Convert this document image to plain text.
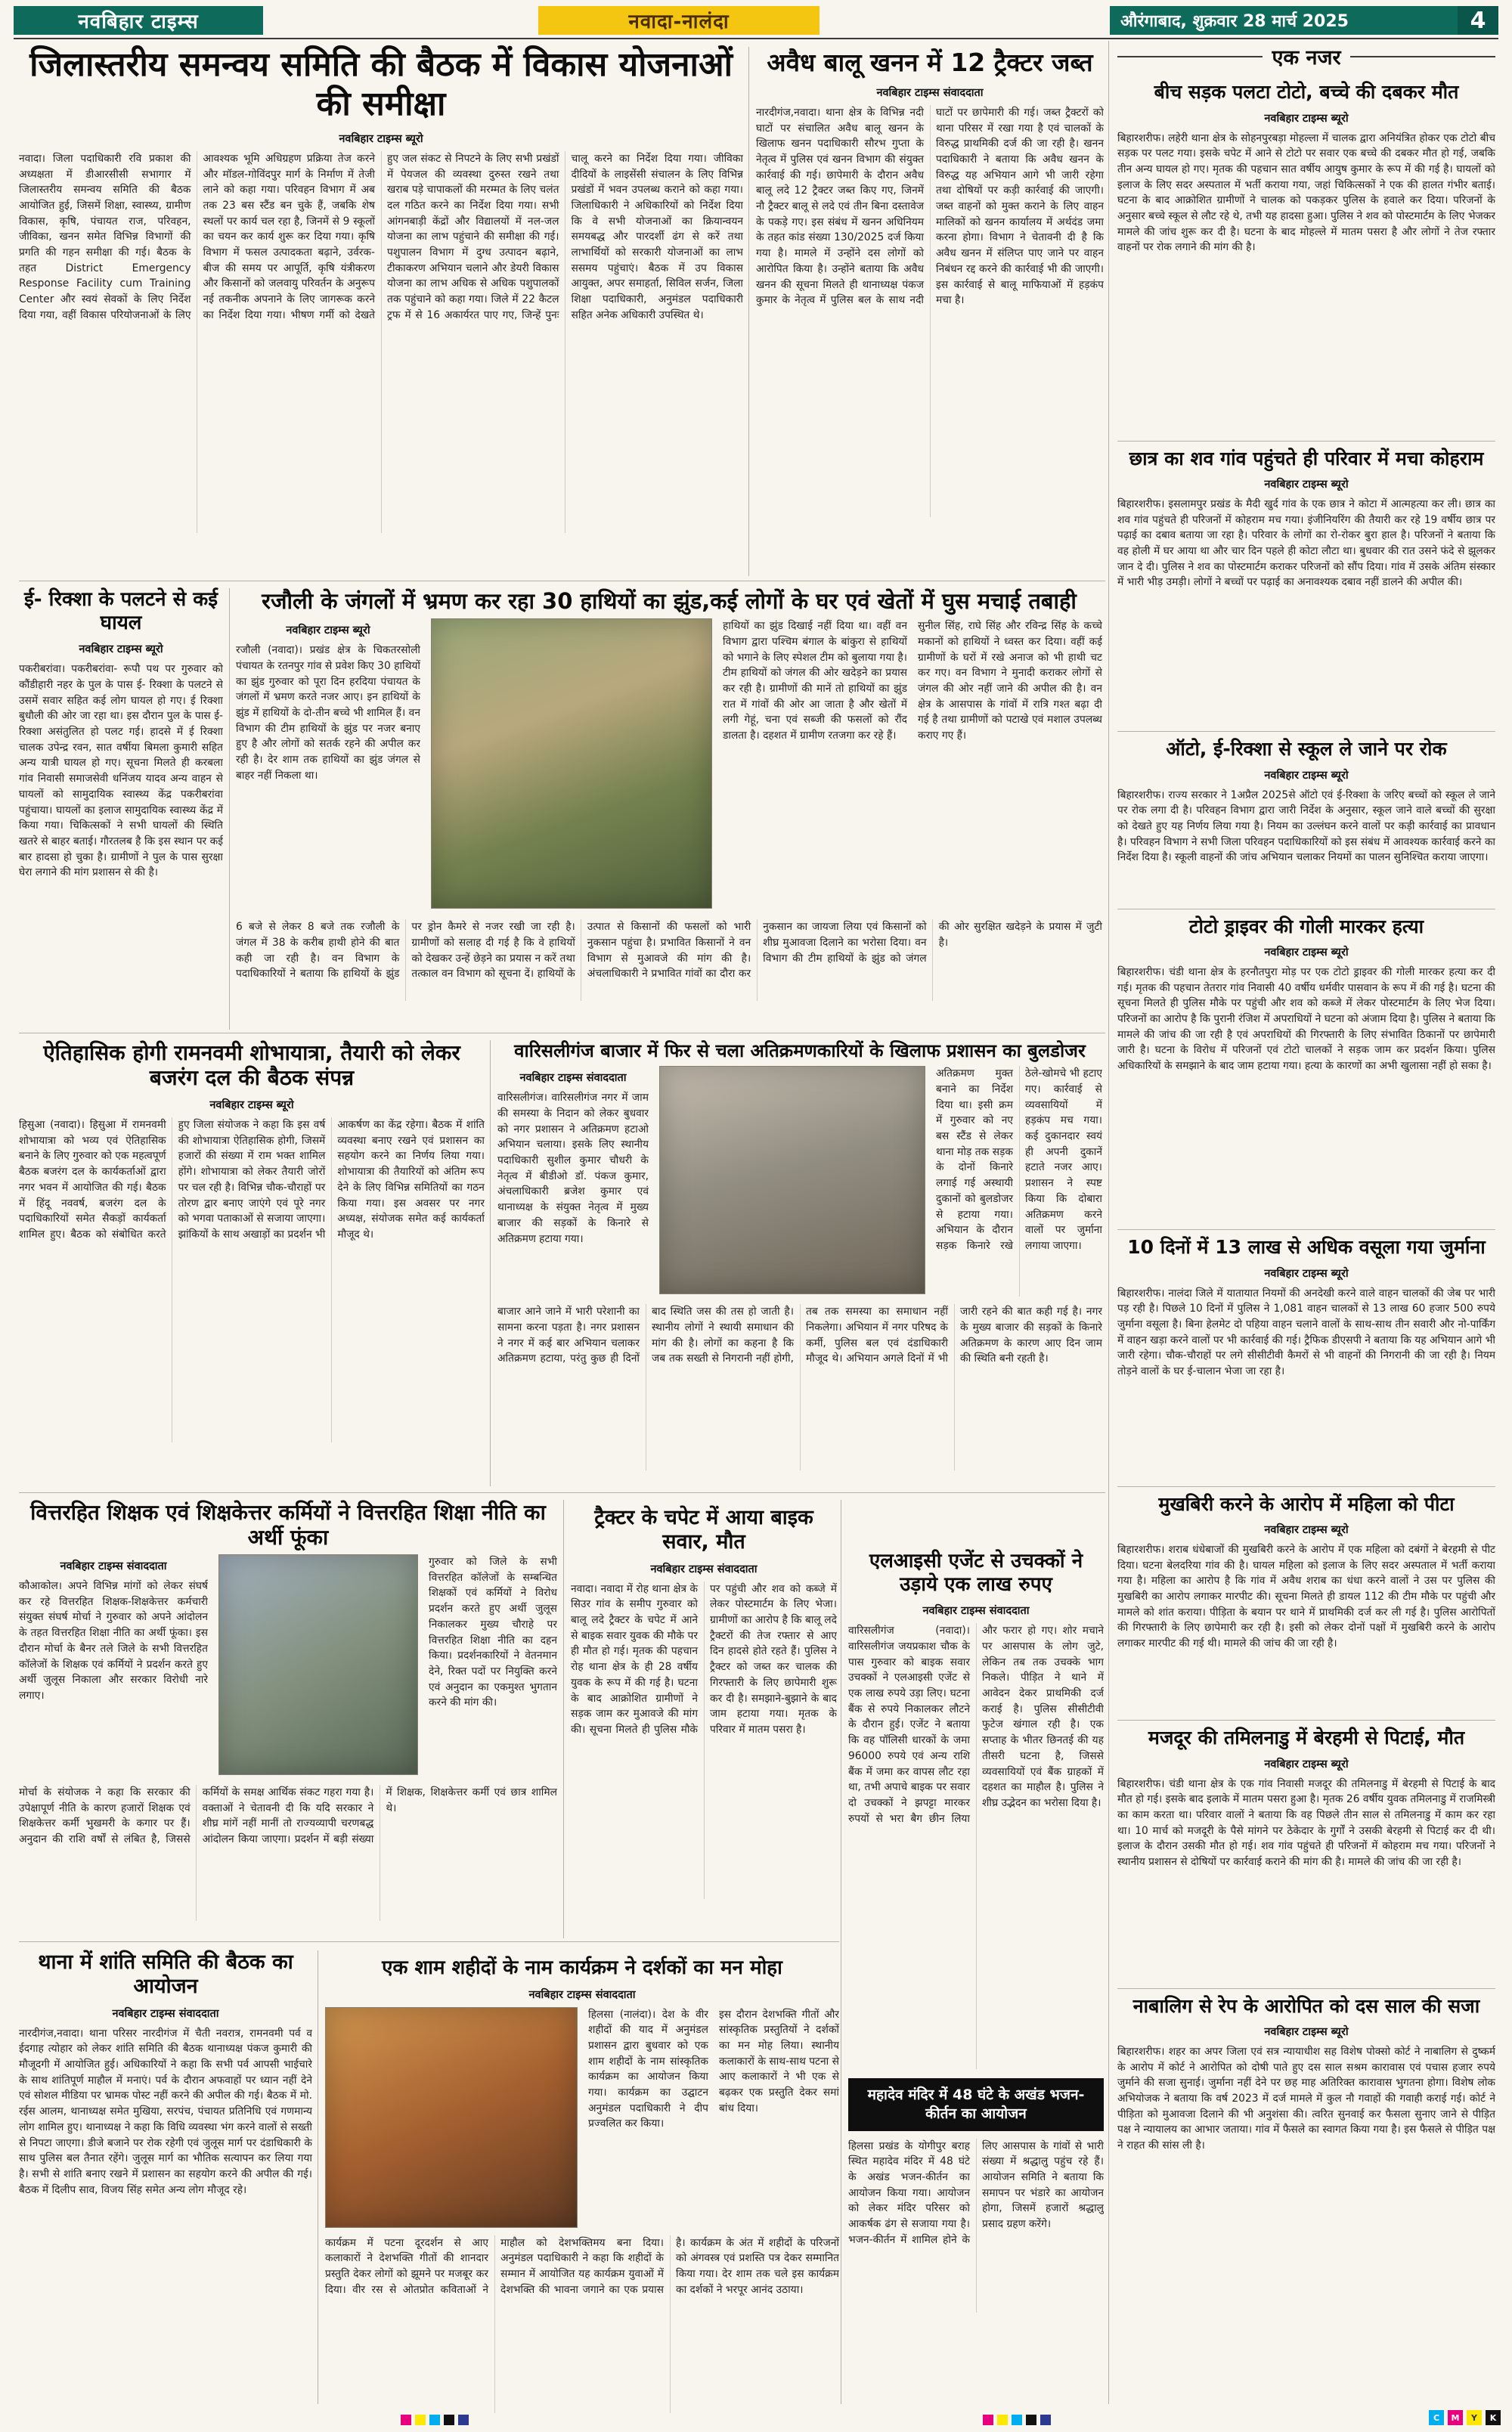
नवबिहार टाइम्स	नवादा-नालंदा	औरंगाबाद, शुक्रवार 28 मार्च 2025	4
जिलास्तरीय समन्वय समिति की बैठक में विकास योजनाओं की समीक्षा
नवबिहार टाइम्स ब्यूरो
नवादा। जिला पदाधिकारी रवि प्रकाश की अध्यक्षता में डीआरसीसी सभागार में जिलास्तरीय समन्वय समिति की बैठक आयोजित हुई, जिसमें शिक्षा, स्वास्थ्य, ग्रामीण विकास, कृषि, पंचायत राज, परिवहन, जीविका, खनन समेत विभिन्न विभागों की प्रगति की गहन समीक्षा की गई। बैठक के तहत District Emergency Response Facility cum Training Center और स्वयं सेवकों के लिए निर्देश दिया गया, वहीं विकास परियोजनाओं के लिए आवश्यक भूमि अधिग्रहण प्रक्रिया तेज करने और मॉडल-गोविंदपुर मार्ग के निर्माण में तेजी लाने को कहा गया। परिवहन विभाग में अब तक 23 बस स्टैंड बन चुके हैं, जबकि शेष स्थलों पर कार्य चल रहा है, जिनमें से 9 स्कूलों का चयन कर कार्य शुरू कर दिया गया। कृषि विभाग में फसल उत्पादकता बढ़ाने, उर्वरक-बीज की समय पर आपूर्ति, कृषि यंत्रीकरण और किसानों को जलवायु परिवर्तन के अनुरूप नई तकनीक अपनाने के लिए जागरूक करने का निर्देश दिया गया। भीषण गर्मी को देखते हुए जल संकट से निपटने के लिए सभी प्रखंडों में पेयजल की व्यवस्था दुरुस्त रखने तथा खराब पड़े चापाकलों की मरम्मत के लिए चलंत दल गठित करने का निर्देश दिया गया। सभी आंगनबाड़ी केंद्रों और विद्यालयों में नल-जल योजना का लाभ पहुंचाने की समीक्षा की गई। पशुपालन विभाग में दुग्ध उत्पादन बढ़ाने, टीकाकरण अभियान चलाने और डेयरी विकास योजना का लाभ अधिक से अधिक पशुपालकों तक पहुंचाने को कहा गया। जिले में 22 कैटल ट्रफ में से 16 अकार्यरत पाए गए, जिन्हें पुनः चालू करने का निर्देश दिया गया। जीविका दीदियों के लाइसेंसी संचालन के लिए विभिन्न प्रखंडों में भवन उपलब्ध कराने को कहा गया। जिलाधिकारी ने अधिकारियों को निर्देश दिया कि वे सभी योजनाओं का क्रियान्वयन समयबद्ध और पारदर्शी ढंग से करें तथा लाभार्थियों को सरकारी योजनाओं का लाभ ससमय पहुंचाएं। बैठक में उप विकास आयुक्त, अपर समाहर्ता, सिविल सर्जन, जिला शिक्षा पदाधिकारी, अनुमंडल पदाधिकारी सहित अनेक अधिकारी उपस्थित थे।
अवैध बालू खनन में 12 ट्रैक्टर जब्त
नवबिहार टाइम्स संवाददाता
नारदीगंज,नवादा। थाना क्षेत्र के विभिन्न नदी घाटों पर संचालित अवैध बालू खनन के खिलाफ खनन पदाधिकारी सौरभ गुप्ता के नेतृत्व में पुलिस एवं खनन विभाग की संयुक्त कार्रवाई की गई। छापेमारी के दौरान अवैध बालू लदे 12 ट्रैक्टर जब्त किए गए, जिनमें नौ ट्रैक्टर बालू से लदे एवं तीन बिना दस्तावेज के पकड़े गए। इस संबंध में खनन अधिनियम के तहत कांड संख्या 130/2025 दर्ज किया गया है। मामले में उन्होंने दस लोगों को आरोपित किया है। उन्होंने बताया कि अवैध खनन की सूचना मिलते ही थानाध्यक्ष पंकज कुमार के नेतृत्व में पुलिस बल के साथ नदी घाटों पर छापेमारी की गई। जब्त ट्रैक्टरों को थाना परिसर में रखा गया है एवं चालकों के विरुद्ध प्राथमिकी दर्ज की जा रही है। खनन पदाधिकारी ने बताया कि अवैध खनन के विरुद्ध यह अभियान आगे भी जारी रहेगा तथा दोषियों पर कड़ी कार्रवाई की जाएगी। जब्त वाहनों को मुक्त कराने के लिए वाहन मालिकों को खनन कार्यालय में अर्थदंड जमा करना होगा। विभाग ने चेतावनी दी है कि अवैध खनन में संलिप्त पाए जाने पर वाहन निबंधन रद्द करने की कार्रवाई भी की जाएगी। इस कार्रवाई से बालू माफियाओं में हड़कंप मचा है।
ई- रिक्शा के पलटने से कई घायल
नवबिहार टाइम्स ब्यूरो
पकरीबरांवा। पकरीबरांवा- रूपौ पथ पर गुरुवार को कौंडीहारी नहर के पुल के पास ई- रिक्शा के पलटने से उसमें सवार सहित कई लोग घायल हो गए। ई रिक्शा बुधौली की ओर जा रहा था। इस दौरान पुल के पास ई-रिक्शा असंतुलित हो पलट गई। हादसे में ई रिक्शा चालक उपेन्द्र रवन, सात वर्षीया बिमला कुमारी सहित अन्य यात्री घायल हो गए। सूचना मिलते ही करबला गांव निवासी समाजसेवी धनिंजय यादव अन्य वाहन से घायलों को सामुदायिक स्वास्थ्य केंद्र पकरीबरांवा पहुंचाया। घायलों का इलाज सामुदायिक स्वास्थ्य केंद्र में किया गया। चिकित्सकों ने सभी घायलों की स्थिति खतरे से बाहर बताई। गौरतलब है कि इस स्थान पर कई बार हादसा हो चुका है। ग्रामीणों ने पुल के पास सुरक्षा घेरा लगाने की मांग प्रशासन से की है।
रजौली के जंगलों में भ्रमण कर रहा 30 हाथियों का झुंड,कई लोगों के घर एवं खेतों में घुस मचाई तबाही
नवबिहार टाइम्स ब्यूरो
रजौली (नवादा)। प्रखंड क्षेत्र के चिकतरसोली पंचायत के रतनपुर गांव से प्रवेश किए 30 हाथियों का झुंड गुरुवार को पूरा दिन हरदिया पंचायत के जंगलों में भ्रमण करते नजर आए। इन हाथियों के झुंड में हाथियों के दो-तीन बच्चे भी शामिल हैं। वन विभाग की टीम हाथियों के झुंड पर नजर बनाए हुए है और लोगों को सतर्क रहने की अपील कर रही है। देर शाम तक हाथियों का झुंड जंगल से बाहर नहीं निकला था।
हाथियों का झुंड दिखाई नहीं दिया था। वहीं वन विभाग द्वारा पश्चिम बंगाल के बांकुरा से हाथियों को भगाने के लिए स्पेशल टीम को बुलाया गया है। टीम हाथियों को जंगल की ओर खदेड़ने का प्रयास कर रही है। ग्रामीणों की मानें तो हाथियों का झुंड रात में गांवों की ओर आ जाता है और खेतों में लगी गेहूं, चना एवं सब्जी की फसलों को रौंद डालता है। दहशत में ग्रामीण रतजगा कर रहे हैं।
सुनील सिंह, राघे सिंह और रविन्द्र सिंह के कच्चे मकानों को हाथियों ने ध्वस्त कर दिया। वहीं कई ग्रामीणों के घरों में रखे अनाज को भी हाथी चट कर गए। वन विभाग ने मुनादी कराकर लोगों से जंगल की ओर नहीं जाने की अपील की है। वन क्षेत्र के आसपास के गांवों में रात्रि गश्त बढ़ा दी गई है तथा ग्रामीणों को पटाखे एवं मशाल उपलब्ध कराए गए हैं।
6 बजे से लेकर 8 बजे तक रजौली के जंगल में 38 के करीब हाथी होने की बात कही जा रही है। वन विभाग के पदाधिकारियों ने बताया कि हाथियों के झुंड पर ड्रोन कैमरे से नजर रखी जा रही है। ग्रामीणों को सलाह दी गई है कि वे हाथियों को देखकर उन्हें छेड़ने का प्रयास न करें तथा तत्काल वन विभाग को सूचना दें। हाथियों के उत्पात से किसानों की फसलों को भारी नुकसान पहुंचा है। प्रभावित किसानों ने वन विभाग से मुआवजे की मांग की है। अंचलाधिकारी ने प्रभावित गांवों का दौरा कर नुकसान का जायजा लिया एवं किसानों को शीघ्र मुआवजा दिलाने का भरोसा दिया। वन विभाग की टीम हाथियों के झुंड को जंगल की ओर सुरक्षित खदेड़ने के प्रयास में जुटी है।
ऐतिहासिक होगी रामनवमी शोभायात्रा, तैयारी को लेकर बजरंग दल की बैठक संपन्न
नवबिहार टाइम्स ब्यूरो
हिसुआ (नवादा)। हिसुआ में रामनवमी शोभायात्रा को भव्य एवं ऐतिहासिक बनाने के लिए गुरुवार को एक महत्वपूर्ण बैठक बजरंग दल के कार्यकर्ताओं द्वारा नगर भवन में आयोजित की गई। बैठक में हिंदू नववर्ष, बजरंग दल के पदाधिकारियों समेत सैकड़ों कार्यकर्ता शामिल हुए। बैठक को संबोधित करते हुए जिला संयोजक ने कहा कि इस वर्ष की शोभायात्रा ऐतिहासिक होगी, जिसमें हजारों की संख्या में राम भक्त शामिल होंगे। शोभायात्रा को लेकर तैयारी जोरों पर चल रही है। विभिन्न चौक-चौराहों पर तोरण द्वार बनाए जाएंगे एवं पूरे नगर को भगवा पताकाओं से सजाया जाएगा। झांकियों के साथ अखाड़ों का प्रदर्शन भी आकर्षण का केंद्र रहेगा। बैठक में शांति व्यवस्था बनाए रखने एवं प्रशासन का सहयोग करने का निर्णय लिया गया। शोभायात्रा की तैयारियों को अंतिम रूप देने के लिए विभिन्न समितियों का गठन किया गया। इस अवसर पर नगर अध्यक्ष, संयोजक समेत कई कार्यकर्ता मौजूद थे।
वारिसलीगंज बाजार में फिर से चला अतिक्रमणकारियों के खिलाफ प्रशासन का बुलडोजर
नवबिहार टाइम्स संवाददाता
वारिसलीगंज। वारिसलीगंज नगर में जाम की समस्या के निदान को लेकर बुधवार को नगर प्रशासन ने अतिक्रमण हटाओ अभियान चलाया। इसके लिए स्थानीय पदाधिकारी सुशील कुमार चौधरी के नेतृत्व में बीडीओ डॉ. पंकज कुमार, अंचलाधिकारी ब्रजेश कुमार एवं थानाध्यक्ष के संयुक्त नेतृत्व में मुख्य बाजार की सड़कों के किनारे से अतिक्रमण हटाया गया।
अतिक्रमण मुक्त बनाने का निर्देश दिया था। इसी क्रम में गुरुवार को नए बस स्टैंड से लेकर थाना मोड़ तक सड़क के दोनों किनारे लगाई गई अस्थायी दुकानों को बुलडोजर से हटाया गया। अभियान के दौरान सड़क किनारे रखे ठेले-खोमचे भी हटाए गए। कार्रवाई से व्यवसायियों में हड़कंप मच गया। कई दुकानदार स्वयं ही अपनी दुकानें हटाते नजर आए। प्रशासन ने स्पष्ट किया कि दोबारा अतिक्रमण करने वालों पर जुर्माना लगाया जाएगा।
बाजार आने जाने में भारी परेशानी का सामना करना पड़ता है। नगर प्रशासन ने नगर में कई बार अभियान चलाकर अतिक्रमण हटाया, परंतु कुछ ही दिनों बाद स्थिति जस की तस हो जाती है। स्थानीय लोगों ने स्थायी समाधान की मांग की है। लोगों का कहना है कि जब तक सख्ती से निगरानी नहीं होगी, तब तक समस्या का समाधान नहीं निकलेगा। अभियान में नगर परिषद के कर्मी, पुलिस बल एवं दंडाधिकारी मौजूद थे। अभियान अगले दिनों में भी जारी रहने की बात कही गई है। नगर के मुख्य बाजार की सड़कों के किनारे अतिक्रमण के कारण आए दिन जाम की स्थिति बनी रहती है।
वित्तरहित शिक्षक एवं शिक्षकेत्तर कर्मियों ने वित्तरहित शिक्षा नीति का अर्थी फूंका
नवबिहार टाइम्स संवाददाता
कौआकोल। अपने विभिन्न मांगों को लेकर संघर्ष कर रहे वित्तरहित शिक्षक-शिक्षकेत्तर कर्मचारी संयुक्त संघर्ष मोर्चा ने गुरुवार को अपने आंदोलन के तहत वित्तरहित शिक्षा नीति का अर्थी फूंका। इस दौरान मोर्चा के बैनर तले जिले के सभी वित्तरहित कॉलेजों के शिक्षक एवं कर्मियों ने प्रदर्शन करते हुए अर्थी जुलूस निकाला और सरकार विरोधी नारे लगाए।
गुरुवार को जिले के सभी वित्तरहित कॉलेजों के सम्बन्धित शिक्षकों एवं कर्मियों ने विरोध प्रदर्शन करते हुए अर्थी जुलूस निकालकर मुख्य चौराहे पर वित्तरहित शिक्षा नीति का दहन किया। प्रदर्शनकारियों ने वेतनमान देने, रिक्त पदों पर नियुक्ति करने एवं अनुदान का एकमुश्त भुगतान करने की मांग की।
मोर्चा के संयोजक ने कहा कि सरकार की उपेक्षापूर्ण नीति के कारण हजारों शिक्षक एवं शिक्षकेत्तर कर्मी भुखमरी के कगार पर हैं। अनुदान की राशि वर्षों से लंबित है, जिससे कर्मियों के समक्ष आर्थिक संकट गहरा गया है। वक्ताओं ने चेतावनी दी कि यदि सरकार ने शीघ्र मांगें नहीं मानीं तो राज्यव्यापी चरणबद्ध आंदोलन किया जाएगा। प्रदर्शन में बड़ी संख्या में शिक्षक, शिक्षकेत्तर कर्मी एवं छात्र शामिल थे।
ट्रैक्टर के चपेट में आया बाइक सवार, मौत
नवबिहार टाइम्स संवाददाता
नवादा। नवादा में रोह थाना क्षेत्र के सिउर गांव के समीप गुरुवार को बालू लदे ट्रैक्टर के चपेट में आने से बाइक सवार युवक की मौके पर ही मौत हो गई। मृतक की पहचान रोह थाना क्षेत्र के ही 28 वर्षीय युवक के रूप में की गई है। घटना के बाद आक्रोशित ग्रामीणों ने सड़क जाम कर मुआवजे की मांग की। सूचना मिलते ही पुलिस मौके पर पहुंची और शव को कब्जे में लेकर पोस्टमार्टम के लिए भेजा। ग्रामीणों का आरोप है कि बालू लदे ट्रैक्टरों की तेज रफ्तार से आए दिन हादसे होते रहते हैं। पुलिस ने ट्रैक्टर को जब्त कर चालक की गिरफ्तारी के लिए छापेमारी शुरू कर दी है। समझाने-बुझाने के बाद जाम हटाया गया। मृतक के परिवार में मातम पसरा है।
एलआइसी एजेंट से उचक्कों ने उड़ाये एक लाख रुपए
नवबिहार टाइम्स संवाददाता
वारिसलीगंज (नवादा)। वारिसलीगंज जयप्रकाश चौक के पास गुरुवार को बाइक सवार उचक्कों ने एलआइसी एजेंट से एक लाख रुपये उड़ा लिए। घटना बैंक से रुपये निकालकर लौटने के दौरान हुई। एजेंट ने बताया कि वह पॉलिसी धारकों के जमा 96000 रुपये एवं अन्य राशि बैंक में जमा कर वापस लौट रहा था, तभी अपाचे बाइक पर सवार दो उचक्कों ने झपट्टा मारकर रुपयों से भरा बैग छीन लिया और फरार हो गए। शोर मचाने पर आसपास के लोग जुटे, लेकिन तब तक उचक्के भाग निकले। पीड़ित ने थाने में आवेदन देकर प्राथमिकी दर्ज कराई है। पुलिस सीसीटीवी फुटेज खंगाल रही है। एक सप्ताह के भीतर छिनतई की यह तीसरी घटना है, जिससे व्यवसायियों एवं बैंक ग्राहकों में दहशत का माहौल है। पुलिस ने शीघ्र उद्भेदन का भरोसा दिया है।
महादेव मंदिर में 48 घंटे के अखंड भजन-कीर्तन का आयोजन
हिलसा प्रखंड के योगीपुर बराह स्थित महादेव मंदिर में 48 घंटे के अखंड भजन-कीर्तन का आयोजन किया गया। आयोजन को लेकर मंदिर परिसर को आकर्षक ढंग से सजाया गया है। भजन-कीर्तन में शामिल होने के लिए आसपास के गांवों से भारी संख्या में श्रद्धालु पहुंच रहे हैं। आयोजन समिति ने बताया कि समापन पर भंडारे का आयोजन होगा, जिसमें हजारों श्रद्धालु प्रसाद ग्रहण करेंगे।
थाना में शांति समिति की बैठक का आयोजन
नवबिहार टाइम्स संवाददाता
नारदीगंज,नवादा। थाना परिसर नारदीगंज में चैती नवरात्र, रामनवमी पर्व व ईदगाह त्योहार को लेकर शांति समिति की बैठक थानाध्यक्ष पंकज कुमारी की मौजूदगी में आयोजित हुई। अधिकारियों ने कहा कि सभी पर्व आपसी भाईचारे के साथ शांतिपूर्ण माहौल में मनाएं। पर्व के दौरान अफवाहों पर ध्यान नहीं देने एवं सोशल मीडिया पर भ्रामक पोस्ट नहीं करने की अपील की गई। बैठक में मो. रईस आलम, थानाध्यक्ष समेत मुखिया, सरपंच, पंचायत प्रतिनिधि एवं गणमान्य लोग शामिल हुए। थानाध्यक्ष ने कहा कि विधि व्यवस्था भंग करने वालों से सख्ती से निपटा जाएगा। डीजे बजाने पर रोक रहेगी एवं जुलूस मार्ग पर दंडाधिकारी के साथ पुलिस बल तैनात रहेंगे। जुलूस मार्ग का भौतिक सत्यापन कर लिया गया है। सभी से शांति बनाए रखने में प्रशासन का सहयोग करने की अपील की गई। बैठक में दिलीप साव, विजय सिंह समेत अन्य लोग मौजूद रहे।
एक शाम शहीदों के नाम कार्यक्रम ने दर्शकों का मन मोहा
नवबिहार टाइम्स संवाददाता
हिलसा (नालंदा)। देश के वीर शहीदों की याद में अनुमंडल प्रशासन द्वारा बुधवार को एक शाम शहीदों के नाम सांस्कृतिक कार्यक्रम का आयोजन किया गया। कार्यक्रम का उद्घाटन अनुमंडल पदाधिकारी ने दीप प्रज्वलित कर किया।
इस दौरान देशभक्ति गीतों और सांस्कृतिक प्रस्तुतियों ने दर्शकों का मन मोह लिया। स्थानीय कलाकारों के साथ-साथ पटना से आए कलाकारों ने भी एक से बढ़कर एक प्रस्तुति देकर समां बांध दिया।
कार्यक्रम में पटना दूरदर्शन से आए कलाकारों ने देशभक्ति गीतों की शानदार प्रस्तुति देकर लोगों को झूमने पर मजबूर कर दिया। वीर रस से ओतप्रोत कविताओं ने माहौल को देशभक्तिमय बना दिया। अनुमंडल पदाधिकारी ने कहा कि शहीदों के सम्मान में आयोजित यह कार्यक्रम युवाओं में देशभक्ति की भावना जगाने का एक प्रयास है। कार्यक्रम के अंत में शहीदों के परिजनों को अंगवस्त्र एवं प्रशस्ति पत्र देकर सम्मानित किया गया। देर शाम तक चले इस कार्यक्रम का दर्शकों ने भरपूर आनंद उठाया।
एक नजर
बीच सड़क पलटा टोटो, बच्चे की दबकर मौत
नवबिहार टाइम्स ब्यूरो
बिहारशरीफ। लहेरी थाना क्षेत्र के सोहनपुरबड़ा मोहल्ला में चालक द्वारा अनियंत्रित होकर एक टोटो बीच सड़क पर पलट गया। इसके चपेट में आने से टोटो पर सवार एक बच्चे की दबकर मौत हो गई, जबकि तीन अन्य घायल हो गए। मृतक की पहचान सात वर्षीय आयुष कुमार के रूप में की गई है। घायलों को इलाज के लिए सदर अस्पताल में भर्ती कराया गया, जहां चिकित्सकों ने एक की हालत गंभीर बताई। घटना के बाद आक्रोशित ग्रामीणों ने चालक को पकड़कर पुलिस के हवाले कर दिया। परिजनों के अनुसार बच्चे स्कूल से लौट रहे थे, तभी यह हादसा हुआ। पुलिस ने शव को पोस्टमार्टम के लिए भेजकर मामले की जांच शुरू कर दी है। घटना के बाद मोहल्ले में मातम पसरा है और लोगों ने तेज रफ्तार वाहनों पर रोक लगाने की मांग की है।
छात्र का शव गांव पहुंचते ही परिवार में मचा कोहराम
नवबिहार टाइम्स ब्यूरो
बिहारशरीफ। इसलामपुर प्रखंड के मैदी खुर्द गांव के एक छात्र ने कोटा में आत्महत्या कर ली। छात्र का शव गांव पहुंचते ही परिजनों में कोहराम मच गया। इंजीनियरिंग की तैयारी कर रहे 19 वर्षीय छात्र पर पढ़ाई का दबाव बताया जा रहा है। परिवार के लोगों का रो-रोकर बुरा हाल है। परिजनों ने बताया कि वह होली में घर आया था और चार दिन पहले ही कोटा लौटा था। बुधवार की रात उसने फंदे से झूलकर जान दे दी। पुलिस ने शव का पोस्टमार्टम कराकर परिजनों को सौंप दिया। गांव में उसके अंतिम संस्कार में भारी भीड़ उमड़ी। लोगों ने बच्चों पर पढ़ाई का अनावश्यक दबाव नहीं डालने की अपील की।
ऑटो, ई-रिक्शा से स्कूल ले जाने पर रोक
नवबिहार टाइम्स ब्यूरो
बिहारशरीफ। राज्य सरकार ने 1अप्रैल 2025से ऑटो एवं ई-रिक्शा के जरिए बच्चों को स्कूल ले जाने पर रोक लगा दी है। परिवहन विभाग द्वारा जारी निर्देश के अनुसार, स्कूल जाने वाले बच्चों की सुरक्षा को देखते हुए यह निर्णय लिया गया है। नियम का उल्लंघन करने वालों पर कड़ी कार्रवाई का प्रावधान है। परिवहन विभाग ने सभी जिला परिवहन पदाधिकारियों को इस संबंध में आवश्यक कार्रवाई करने का निर्देश दिया है। स्कूली वाहनों की जांच अभियान चलाकर नियमों का पालन सुनिश्चित कराया जाएगा।
टोटो ड्राइवर की गोली मारकर हत्या
नवबिहार टाइम्स ब्यूरो
बिहारशरीफ। चंडी थाना क्षेत्र के हरनौतपुरा मोड़ पर एक टोटो ड्राइवर की गोली मारकर हत्या कर दी गई। मृतक की पहचान तेतरार गांव निवासी 40 वर्षीय धर्मवीर पासवान के रूप में की गई है। घटना की सूचना मिलते ही पुलिस मौके पर पहुंची और शव को कब्जे में लेकर पोस्टमार्टम के लिए भेज दिया। परिजनों का आरोप है कि पुरानी रंजिश में अपराधियों ने घटना को अंजाम दिया है। पुलिस ने बताया कि मामले की जांच की जा रही है एवं अपराधियों की गिरफ्तारी के लिए संभावित ठिकानों पर छापेमारी जारी है। घटना के विरोध में परिजनों एवं टोटो चालकों ने सड़क जाम कर प्रदर्शन किया। पुलिस अधिकारियों के समझाने के बाद जाम हटाया गया। हत्या के कारणों का अभी खुलासा नहीं हो सका है।
10 दिनों में 13 लाख से अधिक वसूला गया जुर्माना
नवबिहार टाइम्स ब्यूरो
बिहारशरीफ। नालंदा जिले में यातायात नियमों की अनदेखी करने वाले वाहन चालकों की जेब पर भारी पड़ रही है। पिछले 10 दिनों में पुलिस ने 1,081 वाहन चालकों से 13 लाख 60 हजार 500 रुपये जुर्माना वसूला है। बिना हेलमेट दो पहिया वाहन चलाने वालों के साथ-साथ तीन सवारी और नो-पार्किंग में वाहन खड़ा करने वालों पर भी कार्रवाई की गई। ट्रैफिक डीएसपी ने बताया कि यह अभियान आगे भी जारी रहेगा। चौक-चौराहों पर लगे सीसीटीवी कैमरों से भी वाहनों की निगरानी की जा रही है। नियम तोड़ने वालों के घर ई-चालान भेजा जा रहा है।
मुखबिरी करने के आरोप में महिला को पीटा
नवबिहार टाइम्स ब्यूरो
बिहारशरीफ। शराब धंधेबाजों की मुखबिरी करने के आरोप में एक महिला को दबंगों ने बेरहमी से पीट दिया। घटना बेलदरिया गांव की है। घायल महिला को इलाज के लिए सदर अस्पताल में भर्ती कराया गया है। महिला का आरोप है कि गांव में अवैध शराब का धंधा करने वालों ने उस पर पुलिस की मुखबिरी का आरोप लगाकर मारपीट की। सूचना मिलते ही डायल 112 की टीम मौके पर पहुंची और मामले को शांत कराया। पीड़िता के बयान पर थाने में प्राथमिकी दर्ज कर ली गई है। पुलिस आरोपितों की गिरफ्तारी के लिए छापेमारी कर रही है। इसी को लेकर दोनों पक्षों में मुखबिरी करने के आरोप लगाकर मारपीट की गई थी। मामले की जांच की जा रही है।
मजदूर की तमिलनाडु में बेरहमी से पिटाई, मौत
नवबिहार टाइम्स ब्यूरो
बिहारशरीफ। चंडी थाना क्षेत्र के एक गांव निवासी मजदूर की तमिलनाडु में बेरहमी से पिटाई के बाद मौत हो गई। इसके बाद इलाके में मातम पसरा हुआ है। मृतक 26 वर्षीय युवक तमिलनाडु में राजमिस्त्री का काम करता था। परिवार वालों ने बताया कि वह पिछले तीन साल से तमिलनाडु में काम कर रहा था। 10 मार्च को मजदूरी के पैसे मांगने पर ठेकेदार के गुर्गों ने उसकी बेरहमी से पिटाई कर दी थी। इलाज के दौरान उसकी मौत हो गई। शव गांव पहुंचते ही परिजनों में कोहराम मच गया। परिजनों ने स्थानीय प्रशासन से दोषियों पर कार्रवाई कराने की मांग की है। मामले की जांच की जा रही है।
नाबालिग से रेप के आरोपित को दस साल की सजा
नवबिहार टाइम्स ब्यूरो
बिहारशरीफ। शहर का अपर जिला एवं सत्र न्यायाधीश सह विशेष पोक्सो कोर्ट ने नाबालिग से दुष्कर्म के आरोप में कोर्ट ने आरोपित को दोषी पाते हुए दस साल सश्रम कारावास एवं पचास हजार रुपये जुर्माने की सजा सुनाई। जुर्माना नहीं देने पर छह माह अतिरिक्त कारावास भुगतना होगा। विशेष लोक अभियोजक ने बताया कि वर्ष 2023 में दर्ज मामले में कुल नौ गवाहों की गवाही कराई गई। कोर्ट ने पीड़िता को मुआवजा दिलाने की भी अनुशंसा की। त्वरित सुनवाई कर फैसला सुनाए जाने से पीड़ित पक्ष ने न्यायालय का आभार जताया। गांव में फैसले का स्वागत किया गया है। इस फैसले से पीड़ित पक्ष ने राहत की सांस ली है।
C	M	Y	K
